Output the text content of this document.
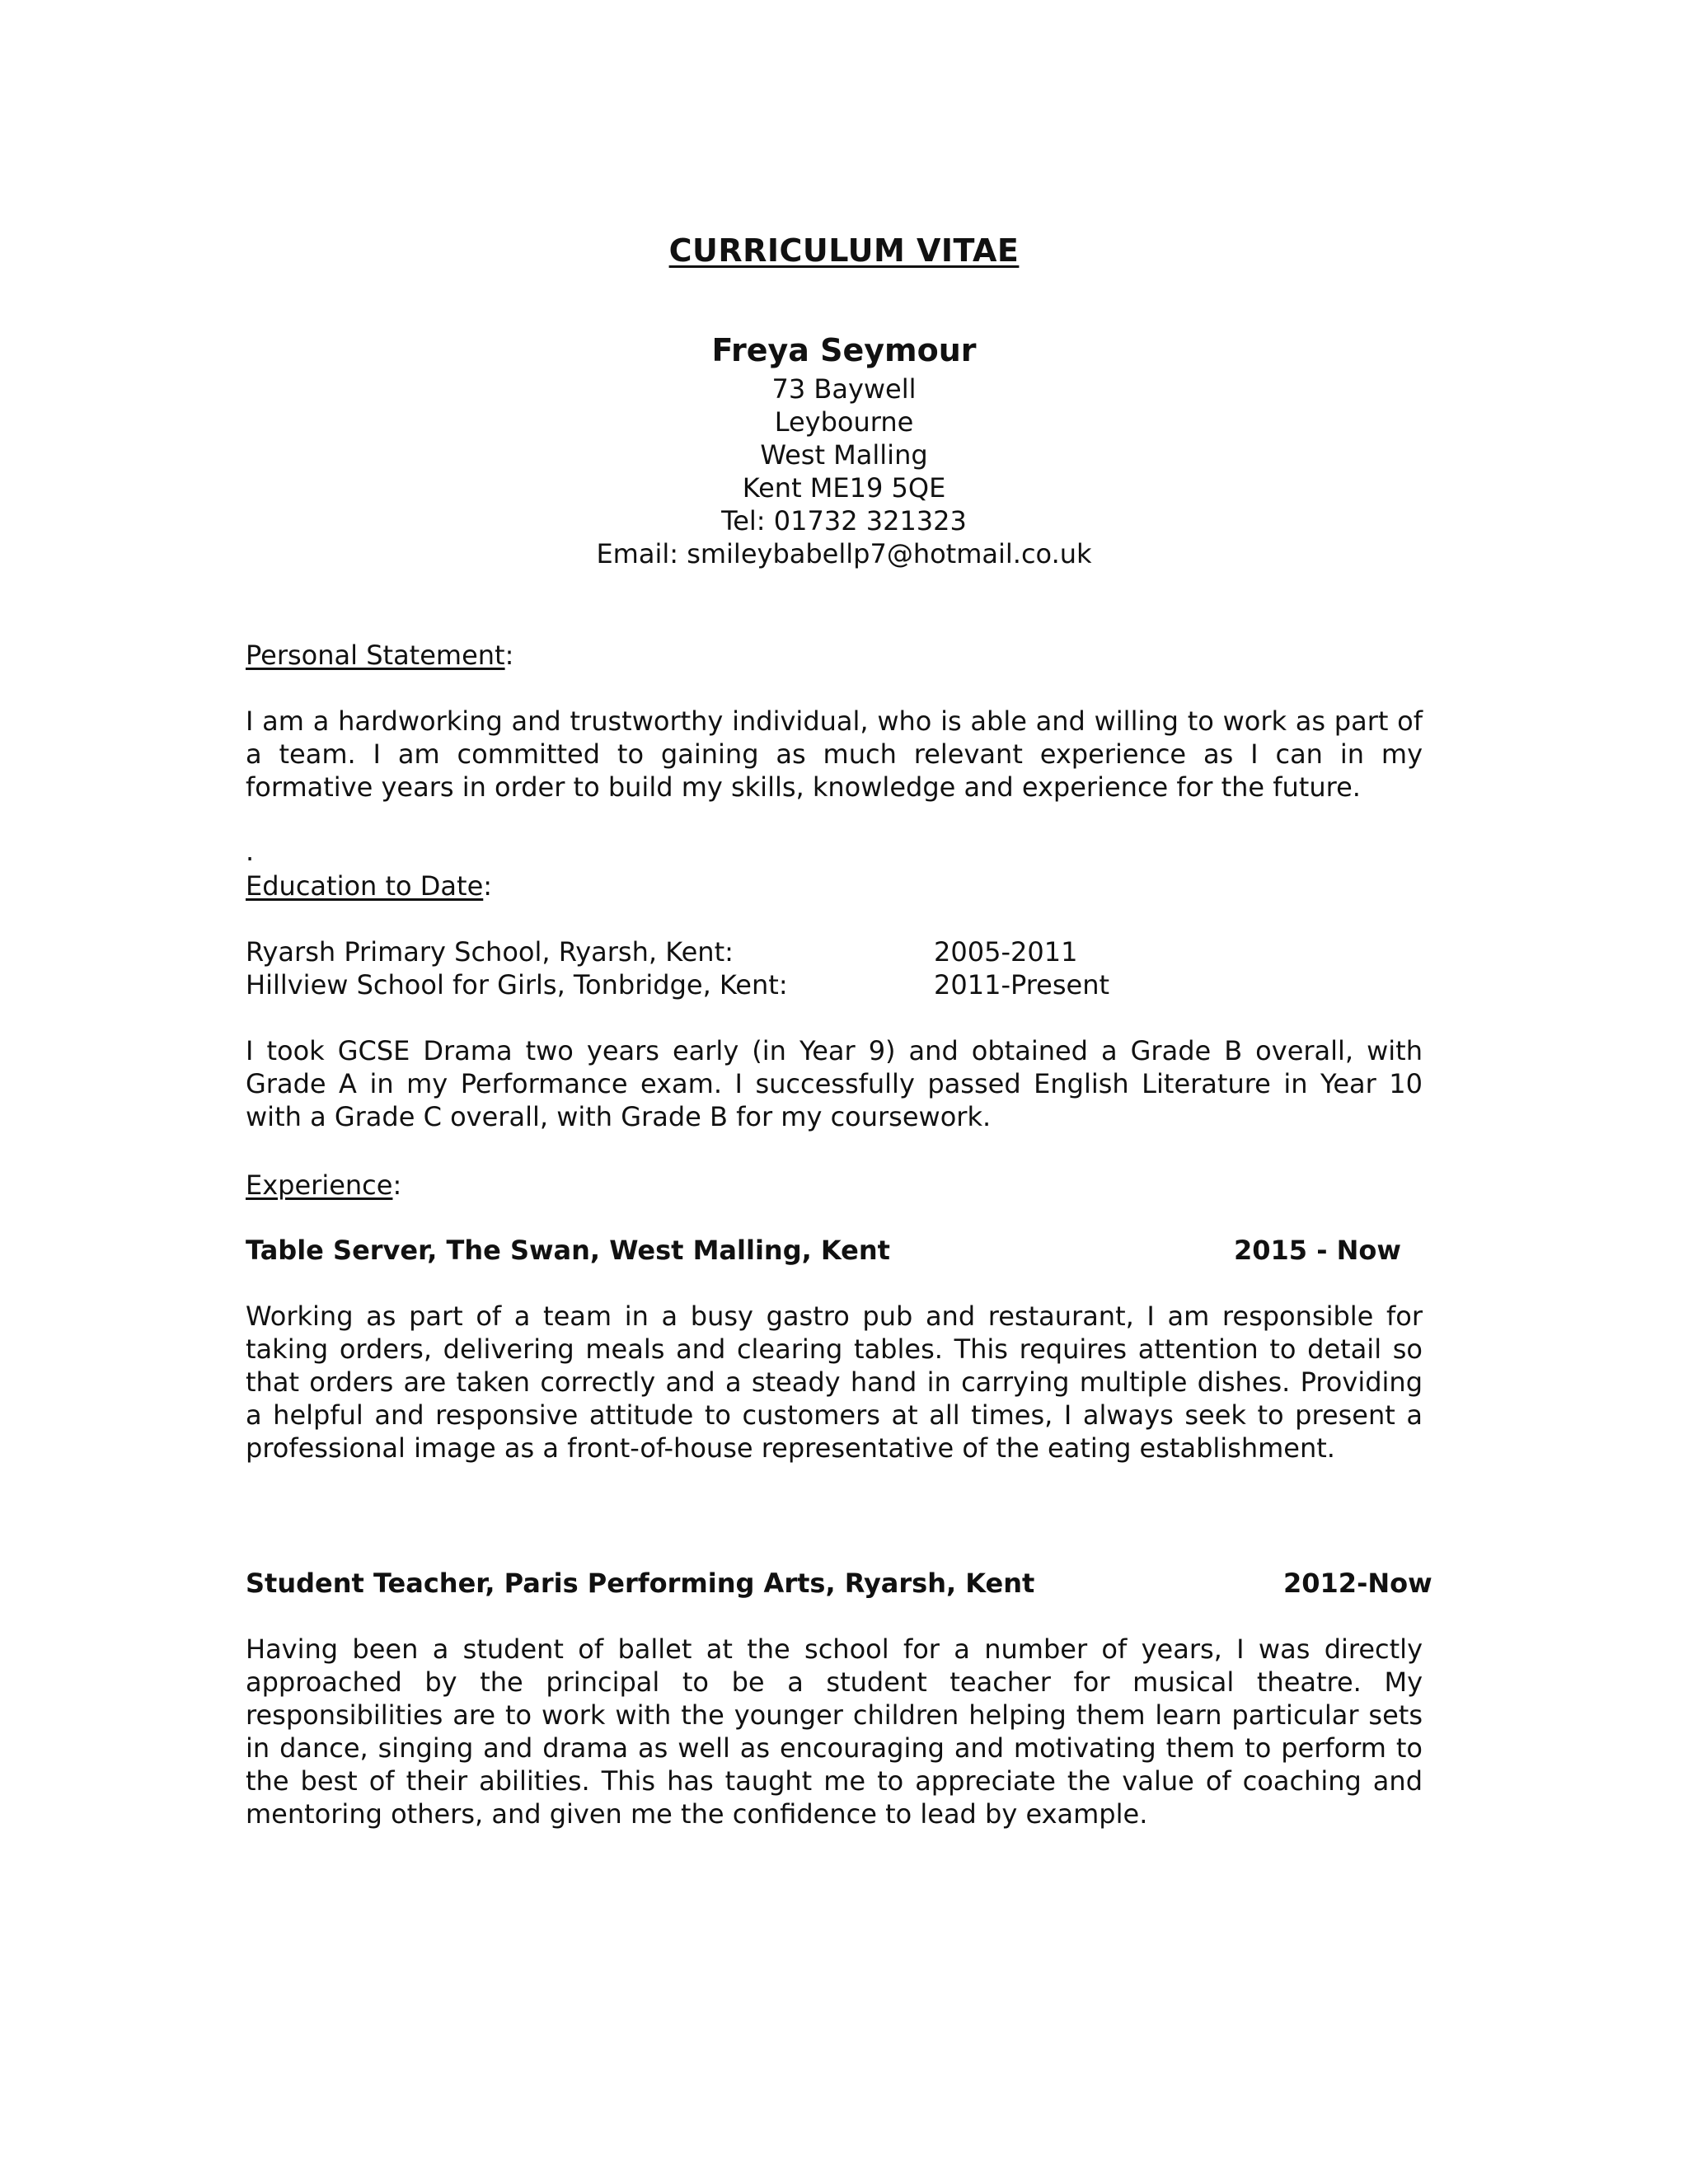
CURRICULUM VITAE
Freya Seymour
73 Baywell
Leybourne
West Malling
Kent ME19 5QE
Tel: 01732 321323
Email: smileybabellp7@hotmail.co.uk
Personal Statement:
I am a hardworking and trustworthy individual, who is able and willing to work as part of a team. I am committed to gaining as much relevant experience as I can in my formative years in order to build my skills, knowledge and experience for the future.
.
Education to Date:
Ryarsh Primary School, Ryarsh, Kent:	2005-2011
Hillview School for Girls, Tonbridge, Kent:	2011-Present
I took GCSE Drama two years early (in Year 9) and obtained a Grade B overall, with Grade A in my Performance exam. I successfully passed English Literature in Year 10 with a Grade C overall, with Grade B for my coursework.
Experience:
Table Server, The Swan, West Malling, Kent	2015 - Now
Working as part of a team in a busy gastro pub and restaurant, I am responsible for taking orders, delivering meals and clearing tables. This requires attention to detail so that orders are taken correctly and a steady hand in carrying multiple dishes. Providing a helpful and responsive attitude to customers at all times, I always seek to present a professional image as a front-of-house representative of the eating establishment.
Student Teacher, Paris Performing Arts, Ryarsh, Kent	2012-Now
Having been a student of ballet at the school for a number of years, I was directly approached by the principal to be a student teacher for musical theatre. My responsibilities are to work with the younger children helping them learn particular sets in dance, singing and drama as well as encouraging and motivating them to perform to the best of their abilities. This has taught me to appreciate the value of coaching and mentoring others, and given me the confidence to lead by example.
